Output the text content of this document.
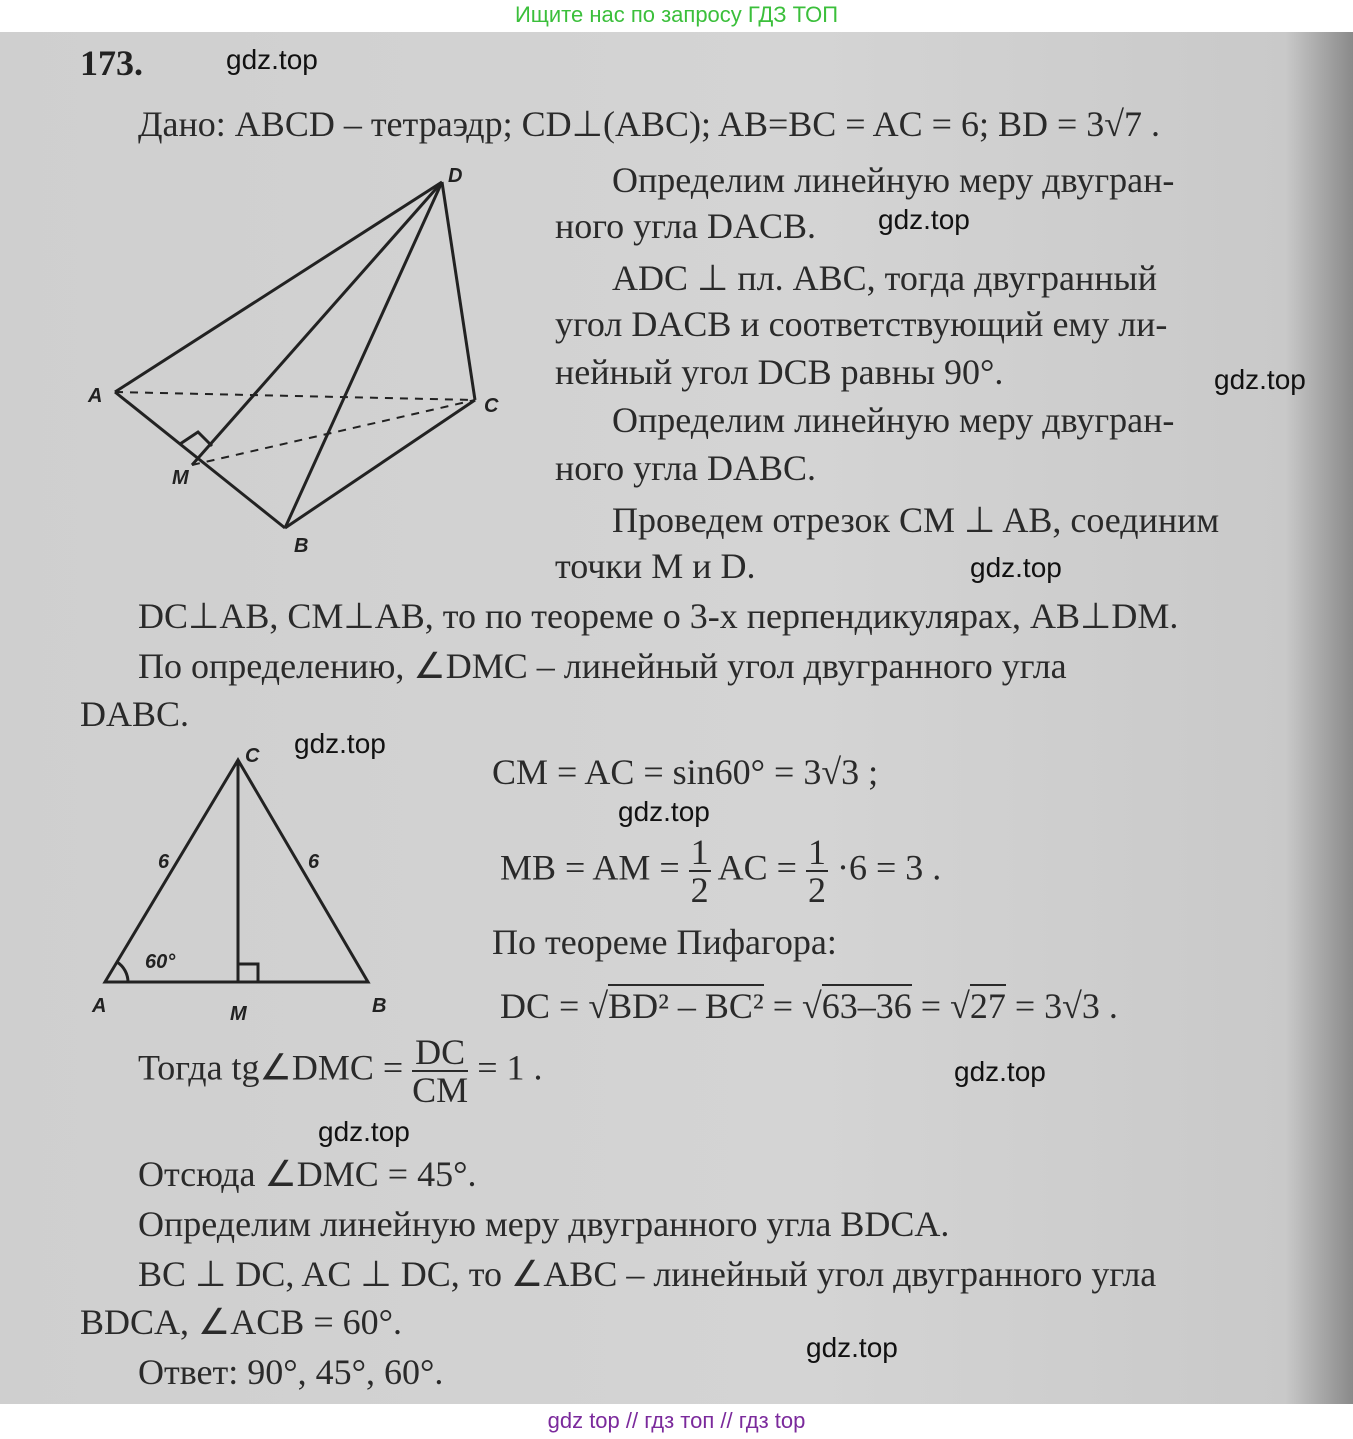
Ищите нас по запросу ГДЗ ТОП
173.
Дано: ABCD – тетраэдр; CD⊥(ABC); AB=BC = AC = 6; BD = 3√7 .
Определим линейную меру двугран-
ного угла DACB.
ADC ⊥ пл. ABC, тогда двугранный
угол DACB и соответствующий ему ли-
нейный угол DCB равны 90°.
Определим линейную меру двугран-
ного угла DABC.
Проведем отрезок CM ⊥ AB, соединим
точки M и D.
D
A	C
M
B
DC⊥AB, CM⊥AB, то по теореме о 3-х перпендикулярах, AB⊥DM.
По определению, ∠DMC – линейный угол двугранного угла
DABC.
C
A	M	B
6	6
60°
CM = AC = sin60° = 3√3 ;
MB = AM = $\frac{1}{2}$ AC = $\frac{1}{2} \cdot 6 = 3$ .
По теореме Пифагора:
DC = √BD² – BC² = √63–36 = √27 = 3√3 .
Тогда tg∠DMC = $\frac{DC}{CM} = 1$ .
Отсюда ∠DMC = 45°.
Определим линейную меру двугранного угла BDCA.
BC ⊥ DC, AC ⊥ DC, то ∠ABC – линейный угол двугранного угла
BDCA, ∠ACB = 60°.
Ответ: 90°, 45°, 60°.
gdz.top
gdz.top
gdz.top
gdz.top
gdz.top
gdz.top
gdz.top
gdz.top
gdz.top
gdz top // гдз топ // гдз top
